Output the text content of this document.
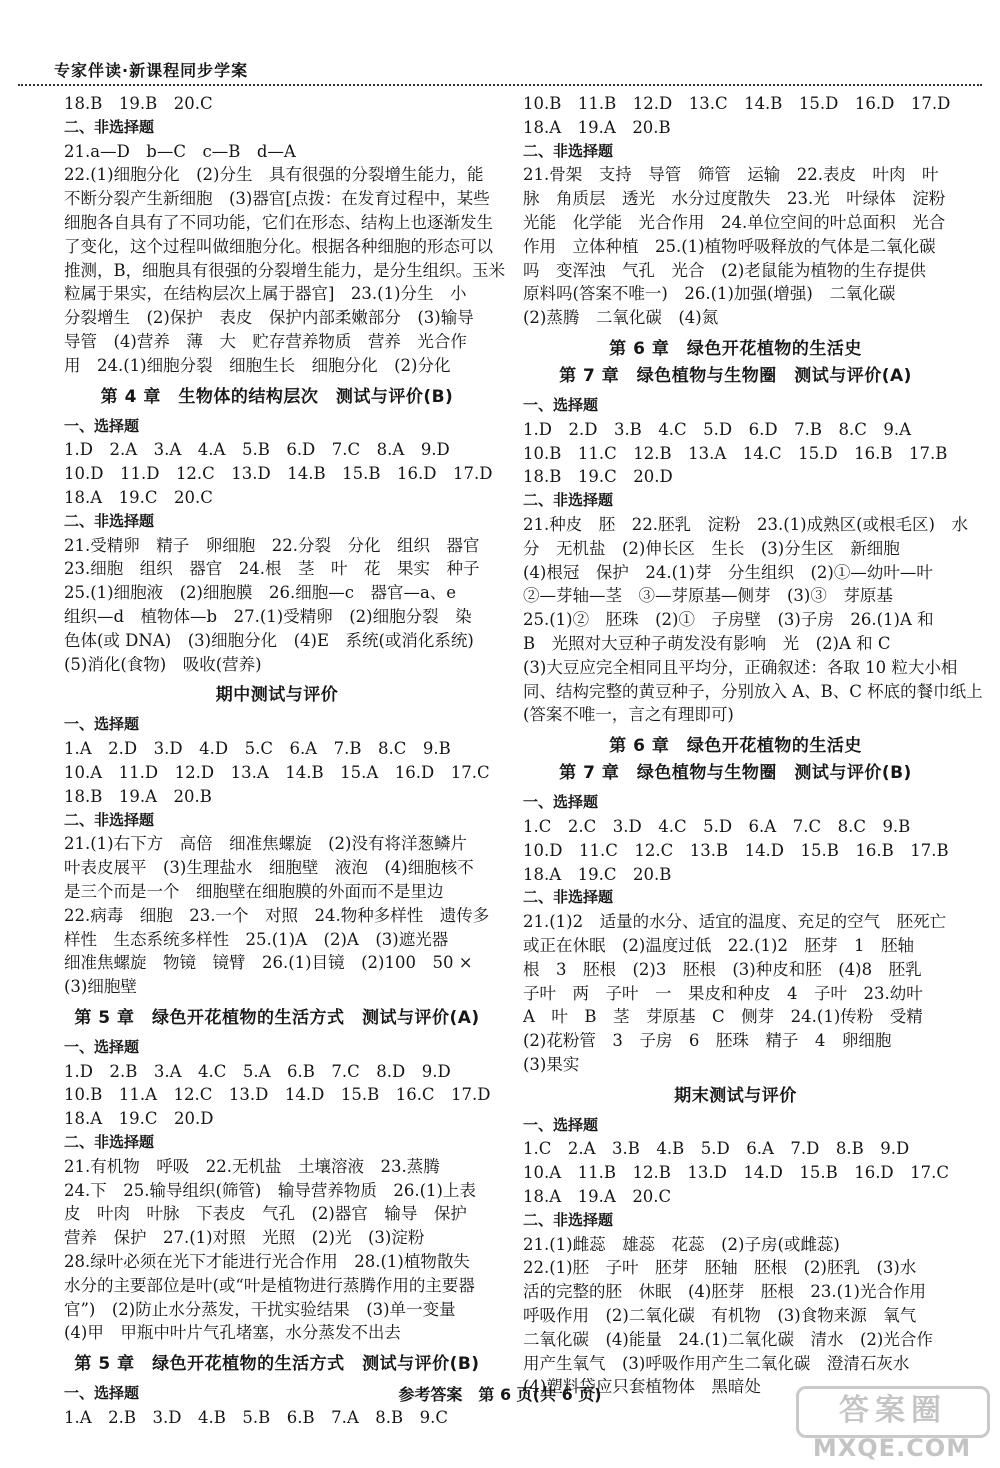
专家伴读·新课程同步学案
18.B　19.B　20.C
二、非选择题
21.a—D　b—C　c—B　d—A
22.(1)细胞分化　(2)分生　具有很强的分裂增生能力，能
不断分裂产生新细胞　(3)器官[点拨：在发育过程中，某些
细胞各自具有了不同功能，它们在形态、结构上也逐渐发生
了变化，这个过程叫做细胞分化。根据各种细胞的形态可以
推测，B，细胞具有很强的分裂增生能力，是分生组织。玉米
粒属于果实，在结构层次上属于器官]　23.(1)分生　小
分裂增生　(2)保护　表皮　保护内部柔嫩部分　(3)输导
导管　(4)营养　薄　大　贮存营养物质　营养　光合作
用　24.(1)细胞分裂　细胞生长　细胞分化　(2)分化
第 4 章　生物体的结构层次　测试与评价(B)
一、选择题
1.D　2.A　3.A　4.A　5.B　6.D　7.C　8.A　9.D
10.D　11.D　12.C　13.D　14.B　15.B　16.D　17.D
18.A　19.C　20.C
二、非选择题
21.受精卵　精子　卵细胞　22.分裂　分化　组织　器官
23.细胞　组织　器官　24.根　茎　叶　花　果实　种子
25.(1)细胞液　(2)细胞膜　26.细胞—c　器官—a、e
组织—d　植物体—b　27.(1)受精卵　(2)细胞分裂　染
色体(或 DNA)　(3)细胞分化　(4)E　系统(或消化系统)
(5)消化(食物)　吸收(营养)
期中测试与评价
一、选择题
1.A　2.D　3.D　4.D　5.C　6.A　7.B　8.C　9.B
10.A　11.D　12.D　13.A　14.B　15.A　16.D　17.C
18.B　19.A　20.B
二、非选择题
21.(1)右下方　高倍　细准焦螺旋　(2)没有将洋葱鳞片
叶表皮展平　(3)生理盐水　细胞壁　液泡　(4)细胞核不
是三个而是一个　细胞壁在细胞膜的外面而不是里边
22.病毒　细胞　23.一个　对照　24.物种多样性　遗传多
样性　生态系统多样性　25.(1)A　(2)A　(3)遮光器
细准焦螺旋　物镜　镜臂　26.(1)目镜　(2)100　50 ×
(3)细胞壁
第 5 章　绿色开花植物的生活方式　测试与评价(A)
一、选择题
1.D　2.B　3.A　4.C　5.A　6.B　7.C　8.D　9.D
10.B　11.A　12.C　13.D　14.D　15.B　16.C　17.D
18.A　19.C　20.D
二、非选择题
21.有机物　呼吸　22.无机盐　土壤溶液　23.蒸腾
24.下　25.输导组织(筛管)　输导营养物质　26.(1)上表
皮　叶肉　叶脉　下表皮　气孔　(2)器官　输导　保护
营养　保护　27.(1)对照　光照　(2)光　(3)淀粉
28.绿叶必须在光下才能进行光合作用　28.(1)植物散失
水分的主要部位是叶(或“叶是植物进行蒸腾作用的主要器
官”)　(2)防止水分蒸发，干扰实验结果　(3)单一变量
(4)甲　甲瓶中叶片气孔堵塞，水分蒸发不出去
第 5 章　绿色开花植物的生活方式　测试与评价(B)
一、选择题
1.A　2.B　3.D　4.B　5.B　6.B　7.A　8.B　9.C
10.B　11.B　12.D　13.C　14.B　15.D　16.D　17.D
18.A　19.A　20.B
二、非选择题
21.骨架　支持　导管　筛管　运输　22.表皮　叶肉　叶
脉　角质层　透光　水分过度散失　23.光　叶绿体　淀粉
光能　化学能　光合作用　24.单位空间的叶总面积　光合
作用　立体种植　25.(1)植物呼吸释放的气体是二氧化碳
吗　变浑浊　气孔　光合　(2)老鼠能为植物的生存提供
原料吗(答案不唯一)　26.(1)加强(增强)　二氧化碳
(2)蒸腾　二氧化碳　(4)氮
第 6 章　绿色开花植物的生活史
第 7 章　绿色植物与生物圈　测试与评价(A)
一、选择题
1.D　2.D　3.B　4.C　5.D　6.D　7.B　8.C　9.A
10.B　11.C　12.B　13.A　14.C　15.D　16.B　17.B
18.B　19.C　20.D
二、非选择题
21.种皮　胚　22.胚乳　淀粉　23.(1)成熟区(或根毛区)　水
分　无机盐　(2)伸长区　生长　(3)分生区　新细胞
(4)根冠　保护　24.(1)芽　分生组织　(2)①—幼叶—叶
②—芽轴—茎　③—芽原基—侧芽　(3)③　芽原基
25.(1)②　胚珠　(2)①　子房壁　(3)子房　26.(1)A 和
B　光照对大豆种子萌发没有影响　光　(2)A 和 C
(3)大豆应完全相同且平均分，正确叙述：各取 10 粒大小相
同、结构完整的黄豆种子，分别放入 A、B、C 杯底的餐巾纸上
(答案不唯一，言之有理即可)
第 6 章　绿色开花植物的生活史
第 7 章　绿色植物与生物圈　测试与评价(B)
一、选择题
1.C　2.C　3.D　4.C　5.D　6.A　7.C　8.C　9.B
10.D　11.C　12.C　13.B　14.D　15.B　16.B　17.B
18.A　19.C　20.B
二、非选择题
21.(1)2　适量的水分、适宜的温度、充足的空气　胚死亡
或正在休眠　(2)温度过低　22.(1)2　胚芽　1　胚轴
根　3　胚根　(2)3　胚根　(3)种皮和胚　(4)8　胚乳
子叶　两　子叶　一　果皮和种皮　4　子叶　23.幼叶
A　叶　B　茎　芽原基　C　侧芽　24.(1)传粉　受精
(2)花粉管　3　子房　6　胚珠　精子　4　卵细胞
(3)果实
期末测试与评价
一、选择题
1.C　2.A　3.B　4.B　5.D　6.A　7.D　8.B　9.D
10.A　11.B　12.B　13.D　14.D　15.B　16.D　17.C
18.A　19.A　20.C
二、非选择题
21.(1)雌蕊　雄蕊　花蕊　(2)子房(或雌蕊)
22.(1)胚　子叶　胚芽　胚轴　胚根　(2)胚乳　(3)水
活的完整的胚　休眠　(4)胚芽　胚根　23.(1)光合作用
呼吸作用　(2)二氧化碳　有机物　(3)食物来源　氧气
二氧化碳　(4)能量　24.(1)二氧化碳　清水　(2)光合作
用产生氧气　(3)呼吸作用产生二氧化碳　澄清石灰水
(4)塑料袋应只套植物体　黑暗处
参考答案　第 6 页(共 6 页)	答案圈
MXQE.COM
